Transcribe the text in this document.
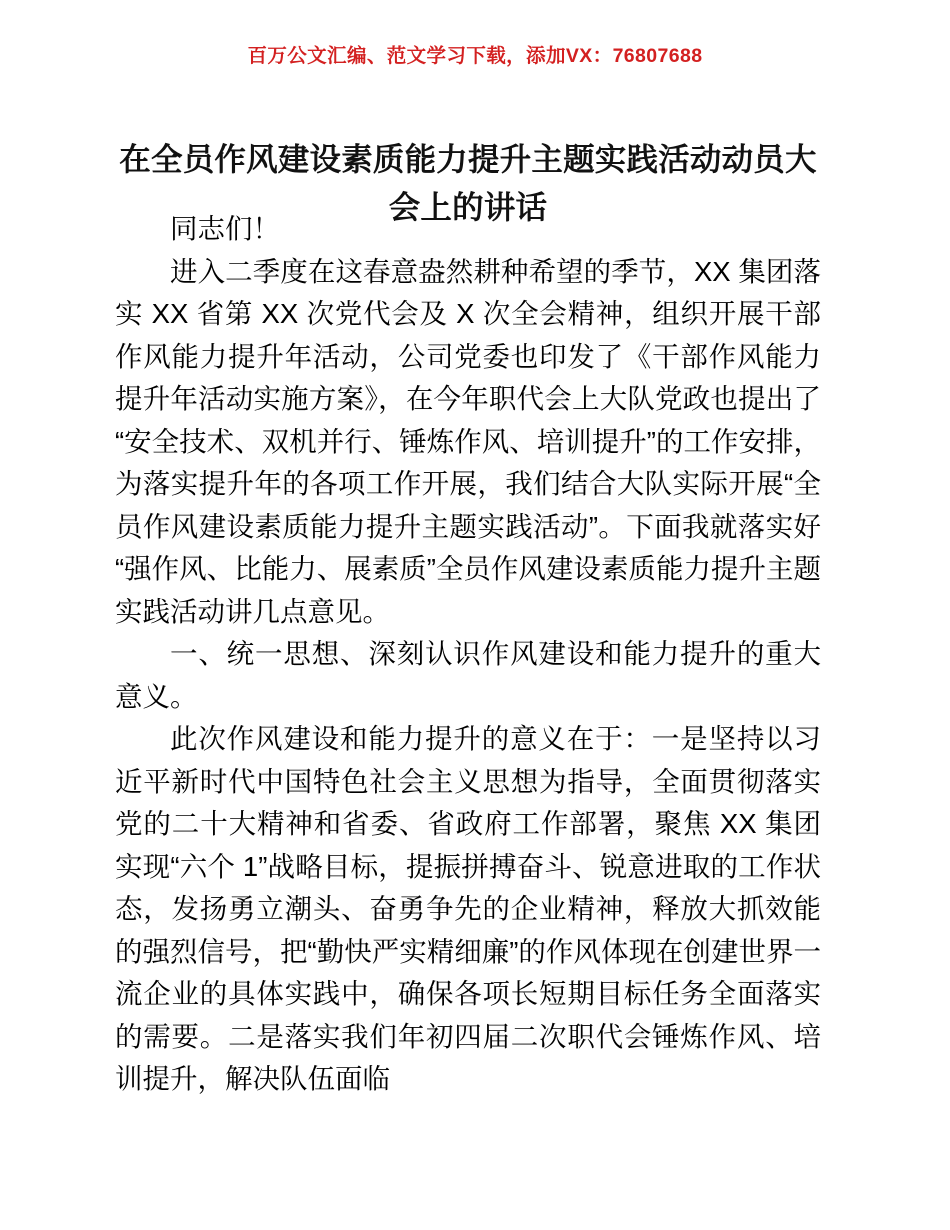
百万公文汇编、范文学习下载，添加VX：76807688
在全员作风建设素质能力提升主题实践活动动员大会上的讲话

同志们！

进入二季度在这春意盎然耕种希望的季节，XX 集团落实 XX 省第 XX 次党代会及 X 次全会精神，组织开展干部作风能力提升年活动，公司党委也印发了《干部作风能力提升年活动实施方案》，在今年职代会上大队党政也提出了“安全技术、双机并行、锤炼作风、培训提升”的工作安排，为落实提升年的各项工作开展，我们结合大队实际开展“全员作风建设素质能力提升主题实践活动”。下面我就落实好“强作风、比能力、展素质”全员作风建设素质能力提升主题实践活动讲几点意见。

一、统一思想、深刻认识作风建设和能力提升的重大意义。

此次作风建设和能力提升的意义在于：一是坚持以习近平新时代中国特色社会主义思想为指导，全面贯彻落实党的二十大精神和省委、省政府工作部署，聚焦 XX 集团实现“六个 1”战略目标，提振拼搏奋斗、锐意进取的工作状态，发扬勇立潮头、奋勇争先的企业精神，释放大抓效能的强烈信号，把“勤快严实精细廉”的作风体现在创建世界一流企业的具体实践中，确保各项长短期目标任务全面落实的需要。二是落实我们年初四届二次职代会锤炼作风、培训提升，解决队伍面临
